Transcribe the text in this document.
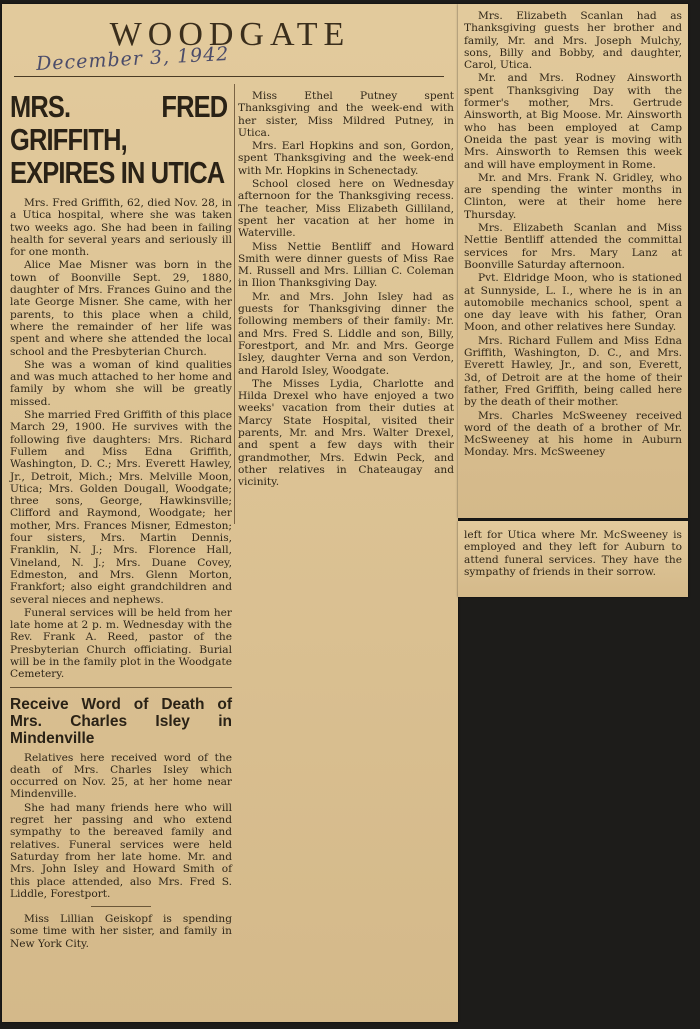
WOODGATE
December 3, 1942
MRS. FRED GRIFFITH, EXPIRES IN UTICA

Mrs. Fred Griffith, 62, died Nov. 28, in a Utica hospital, where she was taken two weeks ago. She had been in failing health for several years and seriously ill for one month.

Alice Mae Misner was born in the town of Boonville Sept. 29, 1880, daughter of Mrs. Frances Guino and the late George Misner. She came, with her parents, to this place when a child, where the remainder of her life was spent and where she attended the local school and the Presbyterian Church.

She was a woman of kind qualities and was much attached to her home and family by whom she will be greatly missed.

She married Fred Griffith of this place March 29, 1900. He survives with the following five daughters: Mrs. Richard Fullem and Miss Edna Griffith, Washington, D. C.; Mrs. Everett Hawley, Jr., Detroit, Mich.; Mrs. Melville Moon, Utica; Mrs. Golden Dougall, Woodgate; three sons, George, Hawkinsville; Clifford and Raymond, Woodgate; her mother, Mrs. Frances Misner, Edmeston; four sisters, Mrs. Martin Dennis, Franklin, N. J.; Mrs. Florence Hall, Vineland, N. J.; Mrs. Duane Covey, Edmeston, and Mrs. Glenn Morton, Frankfort; also eight grandchildren and several nieces and nephews.

Funeral services will be held from her late home at 2 p. m. Wednesday with the Rev. Frank A. Reed, pastor of the Presbyterian Church officiating. Burial will be in the family plot in the Woodgate Cemetery.

Receive Word of Death of Mrs. Charles Isley in Mindenville

Relatives here received word of the death of Mrs. Charles Isley which occurred on Nov. 25, at her home near Mindenville.

She had many friends here who will regret her passing and who extend sympathy to the bereaved family and relatives. Funeral services were held Saturday from her late home. Mr. and Mrs. John Isley and Howard Smith of this place attended, also Mrs. Fred S. Liddle, Forestport.

Miss Lillian Geiskopf is spending some time with her sister, and family in New York City.

Miss Ethel Putney spent Thanksgiving and the week-end with her sister, Miss Mildred Putney, in Utica.

Mrs. Earl Hopkins and son, Gordon, spent Thanksgiving and the week-end with Mr. Hopkins in Schenectady.

School closed here on Wednesday afternoon for the Thanksgiving recess. The teacher, Miss Elizabeth Gilliland, spent her vacation at her home in Waterville.

Miss Nettie Bentliff and Howard Smith were dinner guests of Miss Rae M. Russell and Mrs. Lillian C. Coleman in Ilion Thanksgiving Day.

Mr. and Mrs. John Isley had as guests for Thanksgiving dinner the following members of their family: Mr. and Mrs. Fred S. Liddle and son, Billy, Forestport, and Mr. and Mrs. George Isley, daughter Verna and son Verdon, and Harold Isley, Woodgate.

The Misses Lydia, Charlotte and Hilda Drexel who have enjoyed a two weeks' vacation from their duties at Marcy State Hospital, visited their parents, Mr. and Mrs. Walter Drexel, and spent a few days with their grandmother, Mrs. Edwin Peck, and other relatives in Chateaugay and vicinity.

Mrs. Elizabeth Scanlan had as Thanksgiving guests her brother and family, Mr. and Mrs. Joseph Mulchy, sons, Billy and Bobby, and daughter, Carol, Utica.

Mr. and Mrs. Rodney Ainsworth spent Thanksgiving Day with the former's mother, Mrs. Gertrude Ainsworth, at Big Moose. Mr. Ainsworth who has been employed at Camp Oneida the past year is moving with Mrs. Ainsworth to Remsen this week and will have employment in Rome.

Mr. and Mrs. Frank N. Gridley, who are spending the winter months in Clinton, were at their home here Thursday.

Mrs. Elizabeth Scanlan and Miss Nettie Bentliff attended the committal services for Mrs. Mary Lanz at Boonville Saturday afternoon.

Pvt. Eldridge Moon, who is stationed at Sunnyside, L. I., where he is in an automobile mechanics school, spent a one day leave with his father, Oran Moon, and other relatives here Sunday.

Mrs. Richard Fullem and Miss Edna Griffith, Washington, D. C., and Mrs. Everett Hawley, Jr., and son, Everett, 3d, of Detroit are at the home of their father, Fred Griffith, being called here by the death of their mother.

Mrs. Charles McSweeney received word of the death of a brother of Mr. McSweeney at his home in Auburn Monday. Mrs. McSweeney

left for Utica where Mr. McSweeney is employed and they left for Auburn to attend funeral services. They have the sympathy of friends in their sorrow.
